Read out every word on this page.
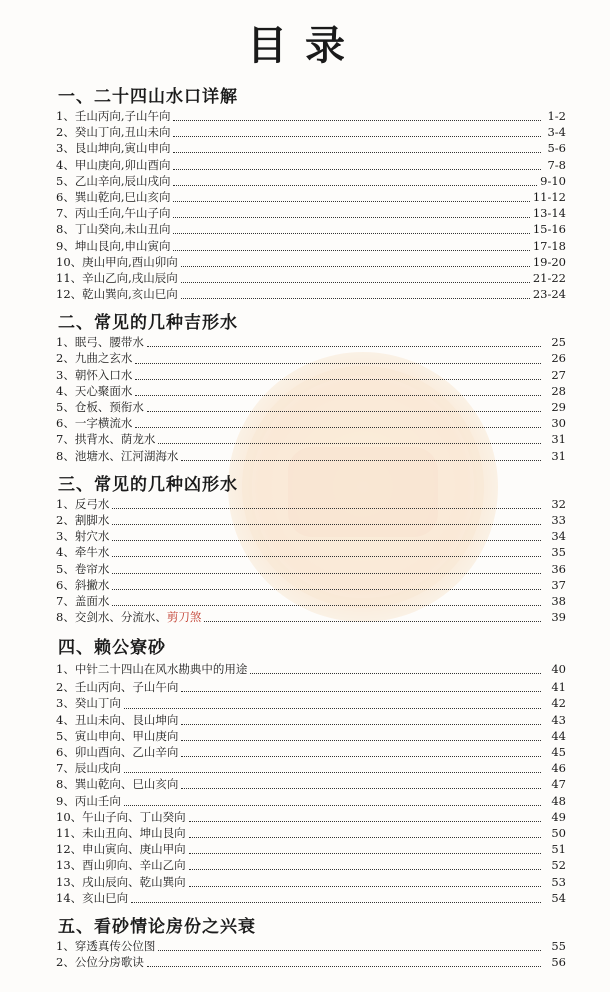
目录
一、二十四山水口详解
1、 壬山丙向,子山午向	1-2
2、 癸山丁向,丑山未向	3-4
3、 艮山坤向,寅山申向	5-6
4、 甲山庚向,卯山酉向	7-8
5、 乙山辛向,辰山戌向	9-10
6、 巽山乾向,巳山亥向	11-12
7、 丙山壬向,午山子向	13-14
8、 丁山癸向,未山丑向	15-16
9、 坤山艮向,申山寅向	17-18
10、 庚山甲向,酉山卯向	19-20
11、 辛山乙向,戌山辰向	21-22
12、 乾山巽向,亥山巳向	23-24
二、常见的几种吉形水
1、 眠弓、腰带水	25
2、 九曲之玄水	26
3、 朝怀入口水	27
4、 天心聚面水	28
5、 仓板、预衔水	29
6、 一字横流水	30
7、 拱背水、荫龙水	31
8、 池塘水、江河湖海水	31
三、常见的几种凶形水
1、 反弓水	32
2、 割脚水	33
3、 射穴水	34
4、 牵牛水	35
5、 卷帘水	36
6、 斜撇水	37
7、 盖面水	38
8、 交剑水、分流水、 剪刀煞	39
四、赖公寮砂
1、 中针二十四山在风水勘典中的用途	40
2、 壬山丙向、子山午向	41
3、 癸山丁向	42
4、 丑山未向、艮山坤向	43
5、 寅山申向、甲山庚向	44
6、 卯山酉向、乙山辛向	45
7、 辰山戌向	46
8、 巽山乾向、巳山亥向	47
9、 丙山壬向	48
10、 午山子向、丁山癸向	49
11、 未山丑向、坤山艮向	50
12、 申山寅向、庚山甲向	51
13、 酉山卯向、辛山乙向	52
13、 戌山辰向、乾山巽向	53
14、 亥山巳向	54
五、看砂情论房份之兴衰
1、 穿透真传公位图	55
2、 公位分房歌诀	56
